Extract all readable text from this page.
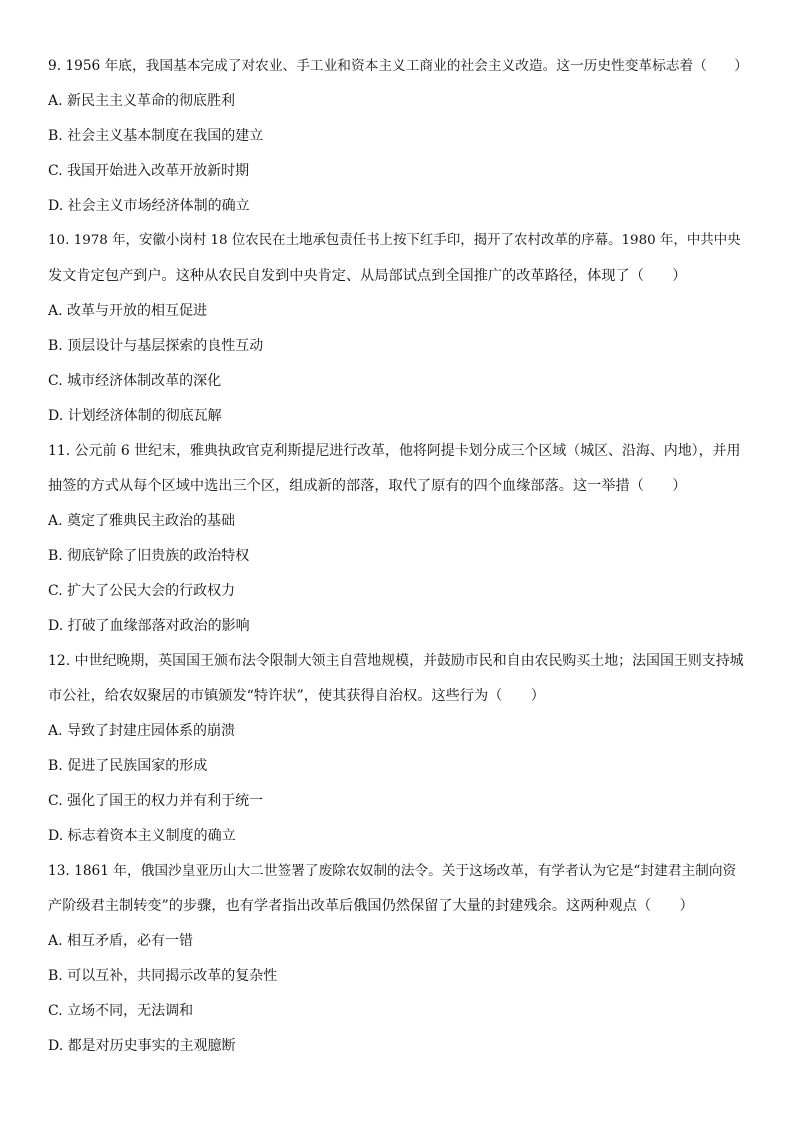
9. 1956 年底，我国基本完成了对农业、手工业和资本主义工商业的社会主义改造。这一历史性变革标志着（　　）
A. 新民主主义革命的彻底胜利
B. 社会主义基本制度在我国的建立
C. 我国开始进入改革开放新时期
D. 社会主义市场经济体制的确立
10. 1978 年，安徽小岗村 18 位农民在土地承包责任书上按下红手印，揭开了农村改革的序幕。1980 年，中共中央
发文肯定包产到户。这种从农民自发到中央肯定、从局部试点到全国推广的改革路径，体现了（　　）
A. 改革与开放的相互促进
B. 顶层设计与基层探索的良性互动
C. 城市经济体制改革的深化
D. 计划经济体制的彻底瓦解
11. 公元前 6 世纪末，雅典执政官克利斯提尼进行改革，他将阿提卡划分成三个区域（城区、沿海、内地），并用
抽签的方式从每个区域中选出三个区，组成新的部落，取代了原有的四个血缘部落。这一举措（　　）
A. 奠定了雅典民主政治的基础
B. 彻底铲除了旧贵族的政治特权
C. 扩大了公民大会的行政权力
D. 打破了血缘部落对政治的影响
12. 中世纪晚期，英国国王颁布法令限制大领主自营地规模，并鼓励市民和自由农民购买土地；法国国王则支持城
市公社，给农奴聚居的市镇颁发“特许状”，使其获得自治权。这些行为（　　）
A. 导致了封建庄园体系的崩溃
B. 促进了民族国家的形成
C. 强化了国王的权力并有利于统一
D. 标志着资本主义制度的确立
13. 1861 年，俄国沙皇亚历山大二世签署了废除农奴制的法令。关于这场改革，有学者认为它是“封建君主制向资
产阶级君主制转变”的步骤，也有学者指出改革后俄国仍然保留了大量的封建残余。这两种观点（　　）
A. 相互矛盾，必有一错
B. 可以互补，共同揭示改革的复杂性
C. 立场不同，无法调和
D. 都是对历史事实的主观臆断
